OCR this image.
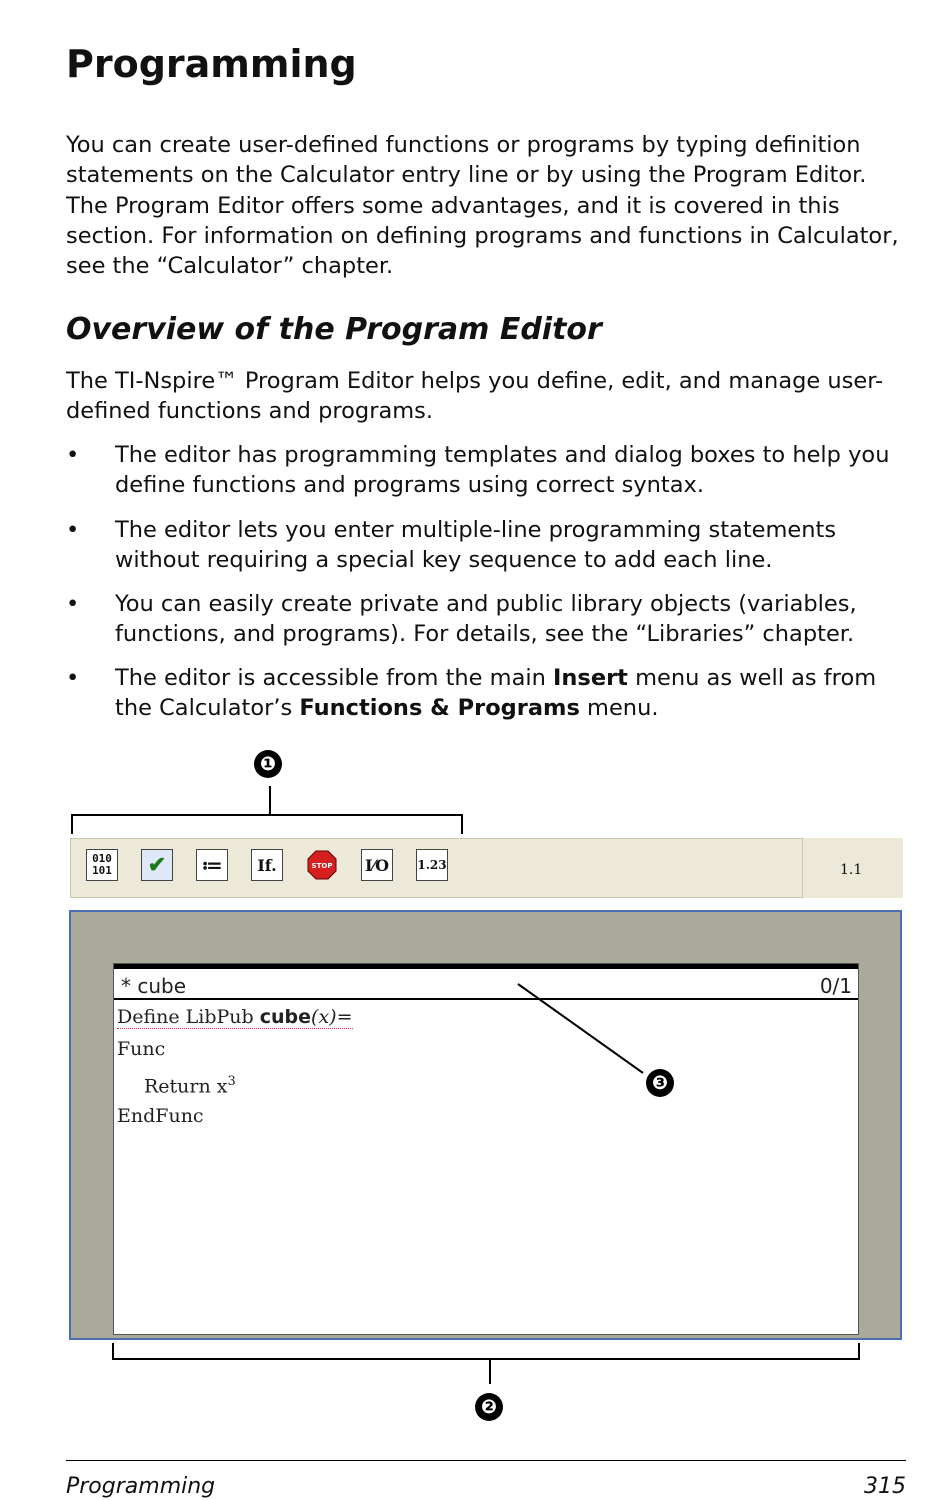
Programming

You can create user-defined functions or programs by typing definition statements on the Calculator entry line or by using the Program Editor. The Program Editor offers some advantages, and it is covered in this section. For information on defining programs and functions in Calculator, see the “Calculator” chapter.

Overview of the Program Editor

The TI-Nspire™ Program Editor helps you define, edit, and manage user-defined functions and programs.

• The editor has programming templates and dialog boxes to help you define functions and programs using correct syntax.
• The editor lets you enter multiple-line programming statements without requiring a special key sequence to add each line.
• You can easily create private and public library objects (variables, functions, and programs). For details, see the “Libraries” chapter.
• The editor is accessible from the main Insert menu as well as from the Calculator’s Functions & Programs menu.
❶
1.1
010
101	✔	≔	If.	STOP I⁄O	1.23
* cube	0/1
Define LibPub cube(x)=
Func
Return $x^3$
EndFunc
❸
❷
Programming	315
